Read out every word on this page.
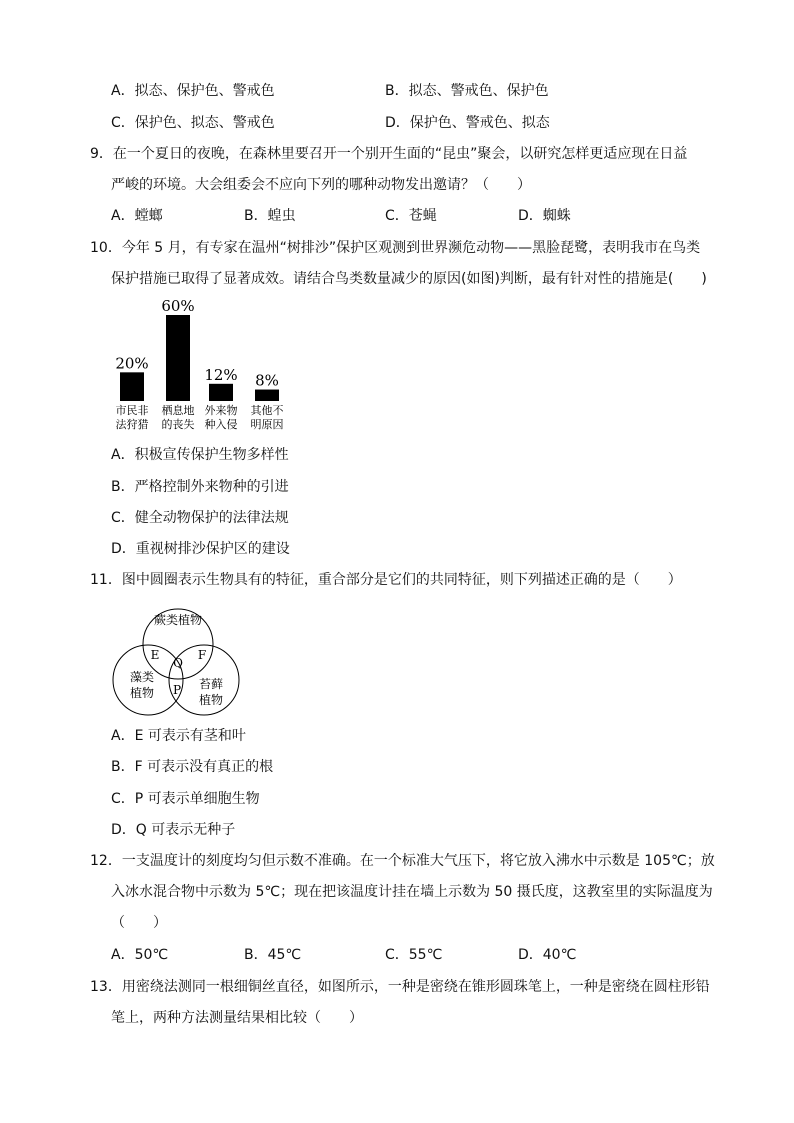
A．拟态、保护色、警戒色	B．拟态、警戒色、保护色
C．保护色、拟态、警戒色	D．保护色、警戒色、拟态
9．在一个夏日的夜晚，在森林里要召开一个别开生面的“昆虫”聚会，以研究怎样更适应现在日益
严峻的环境。大会组委会不应向下列的哪种动物发出邀请？（　　）
A．螳螂	B．蝗虫	C．苍蝇	D．蜘蛛
10．今年 5 月，有专家在温州“树排沙”保护区观测到世界濒危动物——黑脸琵鹭，表明我市在鸟类
保护措施已取得了显著成效。请结合鸟类数量减少的原因(如图)判断，最有针对性的措施是(　　)
20%
市民非
法狩猎
60%
栖息地
的丧失
12%
外来物
种入侵
8%
其他不
明原因
A．积极宣传保护生物多样性
B．严格控制外来物种的引进
C．健全动物保护的法律法规
D．重视树排沙保护区的建设
11．图中圆圈表示生物具有的特征，重合部分是它们的共同特征，则下列描述正确的是（　　）
蕨类植物
藻类
植物
苔藓
植物
E	F
Q
P
A．E 可表示有茎和叶
B．F 可表示没有真正的根
C．P 可表示单细胞生物
D．Q 可表示无种子
12．一支温度计的刻度均匀但示数不准确。在一个标准大气压下，将它放入沸水中示数是 105℃；放
入冰水混合物中示数为 5℃；现在把该温度计挂在墙上示数为 50 摄氏度，这教室里的实际温度为
（　　）
A．50℃	B．45℃	C．55℃	D．40℃
13．用密绕法测同一根细铜丝直径，如图所示，一种是密绕在锥形圆珠笔上，一种是密绕在圆柱形铅
笔上，两种方法测量结果相比较（　　）
